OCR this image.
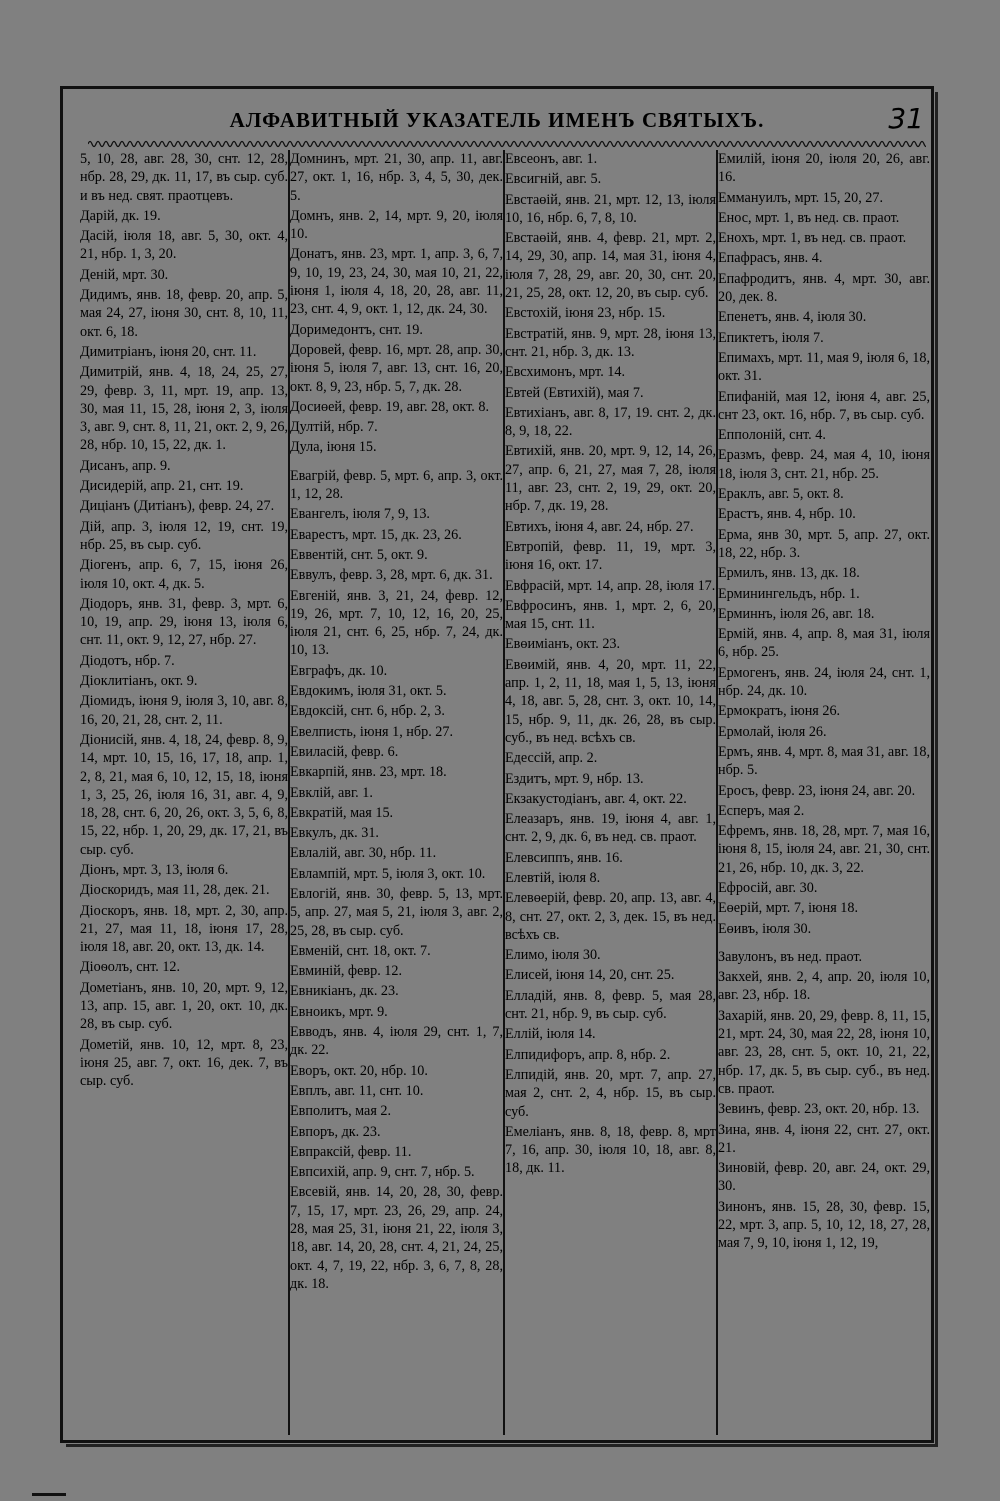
АЛФАВИТНЫЙ УКАЗАТЕЛЬ ИМЕНЪ СВЯТЫХЪ.	31
5, 10, 28, авг. 28, 30, снт. 12, 28, нбр. 28, 29, дк. 11, 17, въ сыр. суб. и въ нед. свят. праотцевъ.
Дарій, дк. 19.
Дасій, іюля 18, авг. 5, 30, окт. 4, 21, нбр. 1, 3, 20.
Деній, мрт. 30.
Дидимъ, янв. 18, февр. 20, апр. 5, мая 24, 27, іюня 30, снт. 8, 10, 11, окт. 6, 18.
Димитріанъ, іюня 20, снт. 11.
Димитрій, янв. 4, 18, 24, 25, 27, 29, февр. 3, 11, мрт. 19, апр. 13, 30, мая 11, 15, 28, іюня 2, 3, іюля 3, авг. 9, снт. 8, 11, 21, окт. 2, 9, 26, 28, нбр. 10, 15, 22, дк. 1.
Дисанъ, апр. 9.
Дисидерій, апр. 21, снт. 19.
Диціанъ (Дитіанъ), февр. 24, 27.
Дій, апр. 3, іюля 12, 19, снт. 19, нбр. 25, въ сыр. суб.
Діогенъ, апр. 6, 7, 15, іюня 26, іюля 10, окт. 4, дк. 5.
Діодоръ, янв. 31, февр. 3, мрт. 6, 10, 19, апр. 29, іюня 13, іюля 6, снт. 11, окт. 9, 12, 27, нбр. 27.
Діодотъ, нбр. 7.
Діоклитіанъ, окт. 9.
Діомидъ, іюня 9, іюля 3, 10, авг. 8, 16, 20, 21, 28, снт. 2, 11.
Діонисій, янв. 4, 18, 24, февр. 8, 9, 14, мрт. 10, 15, 16, 17, 18, апр. 1, 2, 8, 21, мая 6, 10, 12, 15, 18, іюня 1, 3, 25, 26, іюля 16, 31, авг. 4, 9, 18, 28, снт. 6, 20, 26, окт. 3, 5, 6, 8, 15, 22, нбр. 1, 20, 29, дк. 17, 21, въ сыр. суб.
Діонъ, мрт. 3, 13, іюля 6.
Діоскоридъ, мая 11, 28, дек. 21.
Діоскоръ, янв. 18, мрт. 2, 30, апр. 21, 27, мая 11, 18, іюня 17, 28, іюля 18, авг. 20, окт. 13, дк. 14.
Діоѳолъ, снт. 12.
Дометіанъ, янв. 10, 20, мрт. 9, 12, 13, апр. 15, авг. 1, 20, окт. 10, дк. 28, въ сыр. суб.
Дометій, янв. 10, 12, мрт. 8, 23, іюня 25, авг. 7, окт. 16, дек. 7, въ сыр. суб.
Домнинъ, мрт. 21, 30, апр. 11, авг. 27, окт. 1, 16, нбр. 3, 4, 5, 30, дек. 5.
Домнъ, янв. 2, 14, мрт. 9, 20, іюля 10.
Донатъ, янв. 23, мрт. 1, апр. 3, 6, 7, 9, 10, 19, 23, 24, 30, мая 10, 21, 22, іюня 1, іюля 4, 18, 20, 28, авг. 11, 23, снт. 4, 9, окт. 1, 12, дк. 24, 30.
Доримедонтъ, снт. 19.
Доровей, февр. 16, мрт. 28, апр. 30, іюня 5, іюля 7, авг. 13, снт. 16, 20, окт. 8, 9, 23, нбр. 5, 7, дк. 28.
Досиөей, февр. 19, авг. 28, окт. 8.
Дултій, нбр. 7.
Дула, іюня 15.
Евагрій, февр. 5, мрт. 6, апр. 3, окт. 1, 12, 28.
Евангелъ, іюля 7, 9, 13.
Еварестъ, мрт. 15, дк. 23, 26.
Еввентій, снт. 5, окт. 9.
Еввулъ, февр. 3, 28, мрт. 6, дк. 31.
Евгеній, янв. 3, 21, 24, февр. 12, 19, 26, мрт. 7, 10, 12, 16, 20, 25, іюля 21, снт. 6, 25, нбр. 7, 24, дк. 10, 13.
Евграфъ, дк. 10.
Евдокимъ, іюля 31, окт. 5.
Евдоксій, снт. 6, нбр. 2, 3.
Евелписть, іюня 1, нбр. 27.
Евиласій, февр. 6.
Евкарпій, янв. 23, мрт. 18.
Евклій, авг. 1.
Евкратій, мая 15.
Евкулъ, дк. 31.
Евлалій, авг. 30, нбр. 11.
Евлампій, мрт. 5, іюля 3, окт. 10.
Евлогій, янв. 30, февр. 5, 13, мрт. 5, апр. 27, мая 5, 21, іюля 3, авг. 2, 25, 28, въ сыр. суб.
Евменій, снт. 18, окт. 7.
Евминій, февр. 12.
Евникіанъ, дк. 23.
Евноикъ, мрт. 9.
Евводъ, янв. 4, іюля 29, снт. 1, 7, дк. 22.
Еворъ, окт. 20, нбр. 10.
Евплъ, авг. 11, снт. 10.
Евполитъ, мая 2.
Евпоръ, дк. 23.
Евпраксій, февр. 11.
Евпсихій, апр. 9, снт. 7, нбр. 5.
Евсевій, янв. 14, 20, 28, 30, февр. 7, 15, 17, мрт. 23, 26, 29, апр. 24, 28, мая 25, 31, іюня 21, 22, іюля 3, 18, авг. 14, 20, 28, снт. 4, 21, 24, 25, окт. 4, 7, 19, 22, нбр. 3, 6, 7, 8, 28, дк. 18.
Евсеонъ, авг. 1.
Евсигній, авг. 5.
Евстаөій, янв. 21, мрт. 12, 13, іюля 10, 16, нбр. 6, 7, 8, 10.
Евстаөій, янв. 4, февр. 21, мрт. 2, 14, 29, 30, апр. 14, мая 31, іюня 4, іюля 7, 28, 29, авг. 20, 30, снт. 20, 21, 25, 28, окт. 12, 20, въ сыр. суб.
Евстохій, іюня 23, нбр. 15.
Евстратій, янв. 9, мрт. 28, іюня 13, снт. 21, нбр. 3, дк. 13.
Евсхимонъ, мрт. 14.
Евтей (Евтихій), мая 7.
Евтихіанъ, авг. 8, 17, 19. снт. 2, дк. 8, 9, 18, 22.
Евтихій, янв. 20, мрт. 9, 12, 14, 26, 27, апр. 6, 21, 27, мая 7, 28, іюля 11, авг. 23, снт. 2, 19, 29, окт. 20, нбр. 7, дк. 19, 28.
Евтихъ, іюня 4, авг. 24, нбр. 27.
Евтропій, февр. 11, 19, мрт. 3, іюня 16, окт. 17.
Евфрасій, мрт. 14, апр. 28, іюля 17.
Евфросинъ, янв. 1, мрт. 2, 6, 20, мая 15, снт. 11.
Евөиміанъ, окт. 23.
Евөимій, янв. 4, 20, мрт. 11, 22, апр. 1, 2, 11, 18, мая 1, 5, 13, іюня 4, 18, авг. 5, 28, снт. 3, окт. 10, 14, 15, нбр. 9, 11, дк. 26, 28, въ сыр. суб., въ нед. всѣхъ св.
Едессій, апр. 2.
Ездитъ, мрт. 9, нбр. 13.
Екзакустодіанъ, авг. 4, окт. 22.
Елеазаръ, янв. 19, іюня 4, авг. 1, снт. 2, 9, дк. 6, въ нед. св. праот.
Елевсиппъ, янв. 16.
Елевтій, іюля 8.
Елевөерій, февр. 20, апр. 13, авг. 4, 8, снт. 27, окт. 2, 3, дек. 15, въ нед. всѣхъ св.
Елимо, іюля 30.
Елисей, іюня 14, 20, снт. 25.
Елладій, янв. 8, февр. 5, мая 28, снт. 21, нбр. 9, въ сыр. суб.
Еллій, іюля 14.
Елпидифоръ, апр. 8, нбр. 2.
Елпидій, янв. 20, мрт. 7, апр. 27, мая 2, снт. 2, 4, нбр. 15, въ сыр. суб.
Емеліанъ, янв. 8, 18, февр. 8, мрт 7, 16, апр. 30, іюля 10, 18, авг. 8, 18, дк. 11.
Емилій, іюня 20, іюля 20, 26, авг. 16.
Еммануилъ, мрт. 15, 20, 27.
Енос, мрт. 1, въ нед. св. праот.
Енохъ, мрт. 1, въ нед. св. праот.
Епафрасъ, янв. 4.
Епафродитъ, янв. 4, мрт. 30, авг. 20, дек. 8.
Епенетъ, янв. 4, іюля 30.
Епиктетъ, іюля 7.
Епимахъ, мрт. 11, мая 9, іюля 6, 18, окт. 31.
Епифаній, мая 12, іюня 4, авг. 25, снт 23, окт. 16, нбр. 7, въ сыр. суб.
Епполоній, снт. 4.
Еразмъ, февр. 24, мая 4, 10, іюня 18, іюля 3, снт. 21, нбр. 25.
Ераклъ, авг. 5, окт. 8.
Ерастъ, янв. 4, нбр. 10.
Ерма, янв 30, мрт. 5, апр. 27, окт. 18, 22, нбр. 3.
Ермилъ, янв. 13, дк. 18.
Ерминингельдъ, нбр. 1.
Ерминнъ, іюля 26, авг. 18.
Ермій, янв. 4, апр. 8, мая 31, іюля 6, нбр. 25.
Ермогенъ, янв. 24, іюля 24, снт. 1, нбр. 24, дк. 10.
Ермократъ, іюня 26.
Ермолай, іюля 26.
Ермъ, янв. 4, мрт. 8, мая 31, авг. 18, нбр. 5.
Еросъ, февр. 23, іюня 24, авг. 20.
Есперъ, мая 2.
Ефремъ, янв. 18, 28, мрт. 7, мая 16, іюня 8, 15, іюля 24, авг. 21, 30, снт. 21, 26, нбр. 10, дк. 3, 22.
Ефросій, авг. 30.
Еөерій, мрт. 7, іюня 18.
Еөивъ, іюля 30.
Завулонъ, въ нед. праот.
Закхей, янв. 2, 4, апр. 20, іюля 10, авг. 23, нбр. 18.
Захарій, янв. 20, 29, февр. 8, 11, 15, 21, мрт. 24, 30, мая 22, 28, іюня 10, авг. 23, 28, снт. 5, окт. 10, 21, 22, нбр. 17, дк. 5, въ сыр. суб., въ нед. св. праот.
Зевинъ, февр. 23, окт. 20, нбр. 13.
Зина, янв. 4, іюня 22, снт. 27, окт. 21.
Зиновій, февр. 20, авг. 24, окт. 29, 30.
Зинонъ, янв. 15, 28, 30, февр. 15, 22, мрт. 3, апр. 5, 10, 12, 18, 27, 28, мая 7, 9, 10, іюня 1, 12, 19,
